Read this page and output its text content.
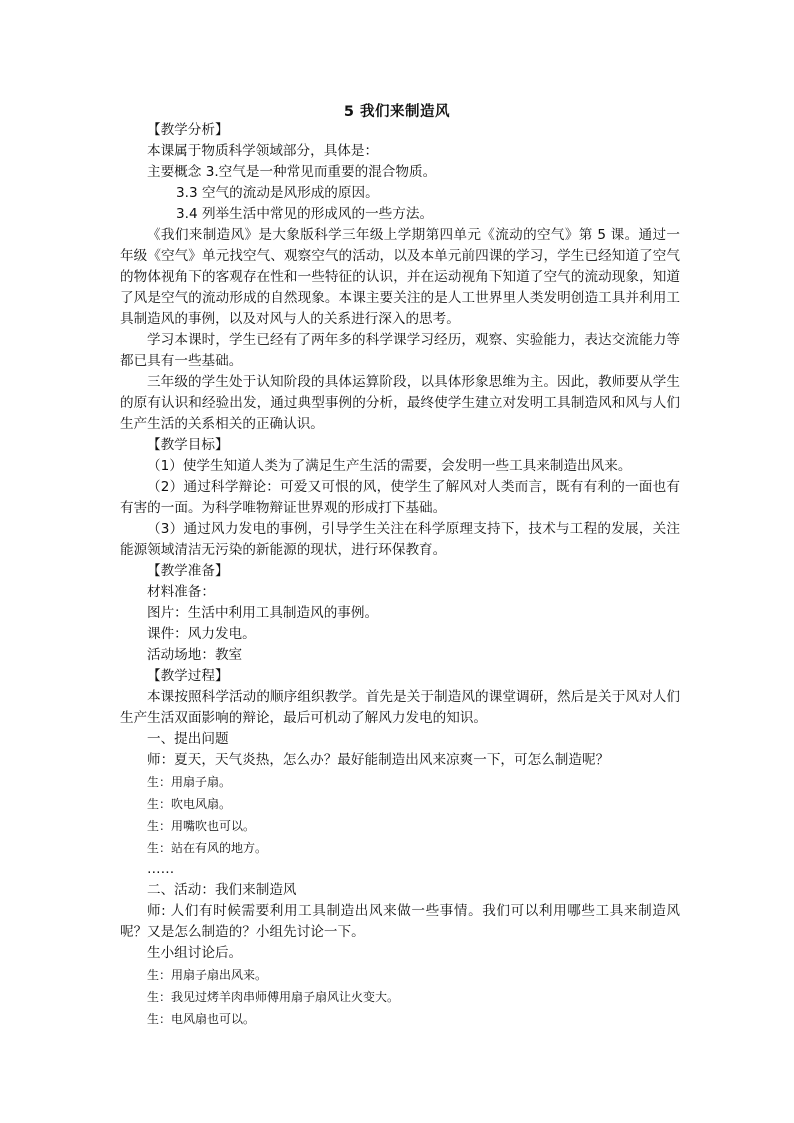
5 我们来制造风
【教学分析】
本课属于物质科学领域部分，具体是：
主要概念 3.空气是一种常见而重要的混合物质。
3.3 空气的流动是风形成的原因。
3.4 列举生活中常见的形成风的一些方法。
《我们来制造风》是大象版科学三年级上学期第四单元《流动的空气》第 5 课。通过一年级《空气》单元找空气、观察空气的活动，以及本单元前四课的学习，学生已经知道了空气的物体视角下的客观存在性和一些特征的认识，并在运动视角下知道了空气的流动现象，知道了风是空气的流动形成的自然现象。本课主要关注的是人工世界里人类发明创造工具并利用工具制造风的事例，以及对风与人的关系进行深入的思考。
学习本课时，学生已经有了两年多的科学课学习经历，观察、实验能力，表达交流能力等都已具有一些基础。
三年级的学生处于认知阶段的具体运算阶段，以具体形象思维为主。因此，教师要从学生的原有认识和经验出发，通过典型事例的分析，最终使学生建立对发明工具制造风和风与人们生产生活的关系相关的正确认识。
【教学目标】
（1）使学生知道人类为了满足生产生活的需要，会发明一些工具来制造出风来。
（2）通过科学辩论：可爱又可恨的风，使学生了解风对人类而言，既有有利的一面也有有害的一面。为科学唯物辩证世界观的形成打下基础。
（3）通过风力发电的事例，引导学生关注在科学原理支持下，技术与工程的发展，关注能源领域清洁无污染的新能源的现状，进行环保教育。
【教学准备】
材料准备：
图片：生活中利用工具制造风的事例。
课件：风力发电。
活动场地：教室
【教学过程】
本课按照科学活动的顺序组织教学。首先是关于制造风的课堂调研，然后是关于风对人们生产生活双面影响的辩论，最后可机动了解风力发电的知识。
一、提出问题
师：夏天，天气炎热，怎么办？最好能制造出风来凉爽一下，可怎么制造呢？
生：用扇子扇。
生：吹电风扇。
生：用嘴吹也可以。
生：站在有风的地方。
……
二、活动：我们来制造风
师: 人们有时候需要利用工具制造出风来做一些事情。我们可以利用哪些工具来制造风呢？又是怎么制造的？小组先讨论一下。
生小组讨论后。
生：用扇子扇出风来。
生：我见过烤羊肉串师傅用扇子扇风让火变大。
生：电风扇也可以。
